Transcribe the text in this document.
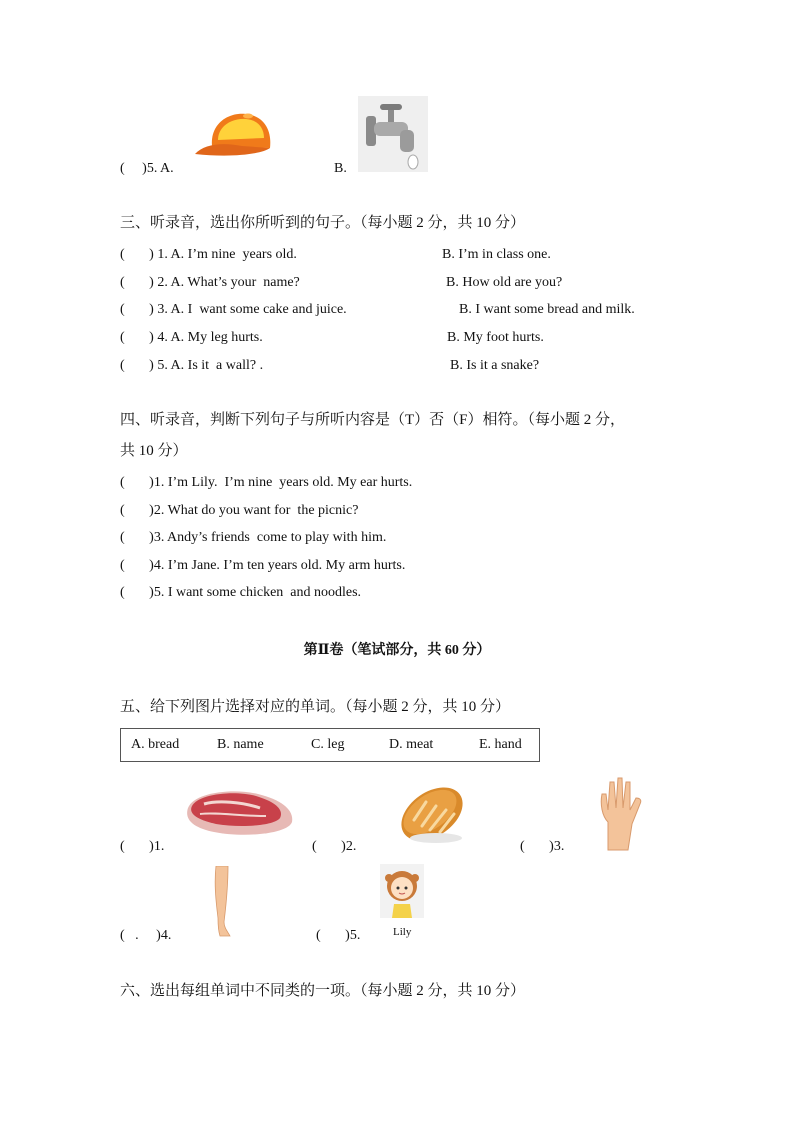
(     )5. A.	B.
三、听录音，选出你所听到的句子。（每小题 2 分，共 10 分）
(       ) 1. A. I’m nine  years old.	B. I’m in class one.
(       ) 2. A. What’s your  name?	B. How old are you?
(       ) 3. A. I  want some cake and juice.	B. I want some bread and milk.
(       ) 4. A. My leg hurts.	B. My foot hurts.
(       ) 5. A. Is it  a wall? .	B. Is it a snake?
四、听录音，判断下列句子与所听内容是（T）否（F）相符。（每小题 2 分，
共 10 分）
(       )1. I’m Lily.  I’m nine  years old. My ear hurts.
(       )2. What do you want for  the picnic?
(       )3. Andy’s friends  come to play with him.
(       )4. I’m Jane. I’m ten years old. My arm hurts.
(       )5. I want some chicken  and noodles.
第Ⅱ卷（笔试部分，共 60 分）
五、给下列图片选择对应的单词。（每小题 2 分，共 10 分）
A. bread	B. name	C. leg	D. meat	E. hand
(       )1.	(       )2.	(       )3.
Lily
(   .     )4.	(       )5.
六、选出每组单词中不同类的一项。（每小题 2 分，共 10 分）
